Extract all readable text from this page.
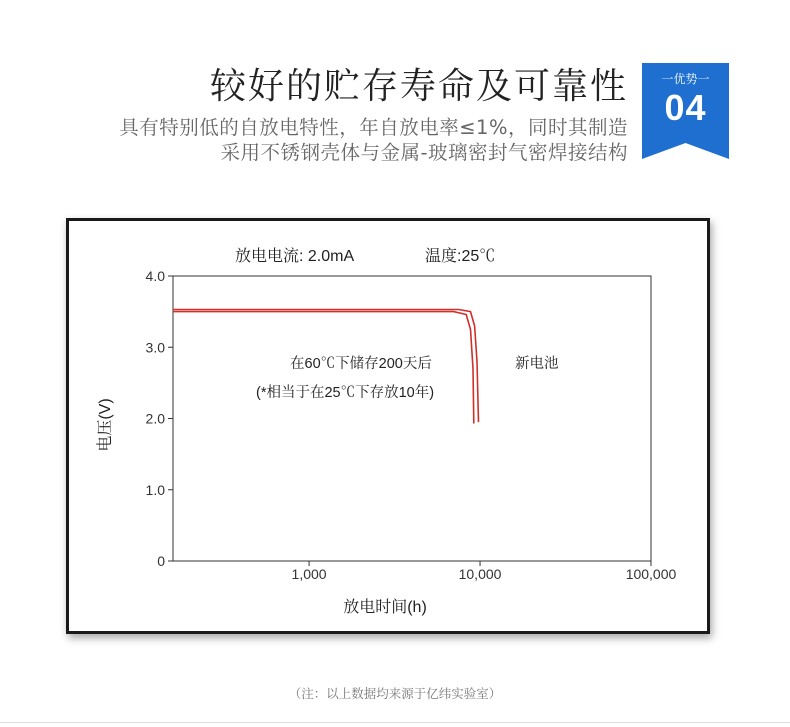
较好的贮存寿命及可靠性
具有特别低的自放电特性，年自放电率≤1%，同时其制造
采用不锈钢壳体与金属-玻璃密封气密焊接结构
一优势一
04
0
1.0
2.0
3.0
4.0
1,000	10,000	100,000
放电电流: 2.0mA	温度:25℃
放电时间(h)
电压(V)
在60℃下储存200天后
(*相当于在25℃下存放10年)
新电池
（注：以上数据均来源于亿纬实验室）
